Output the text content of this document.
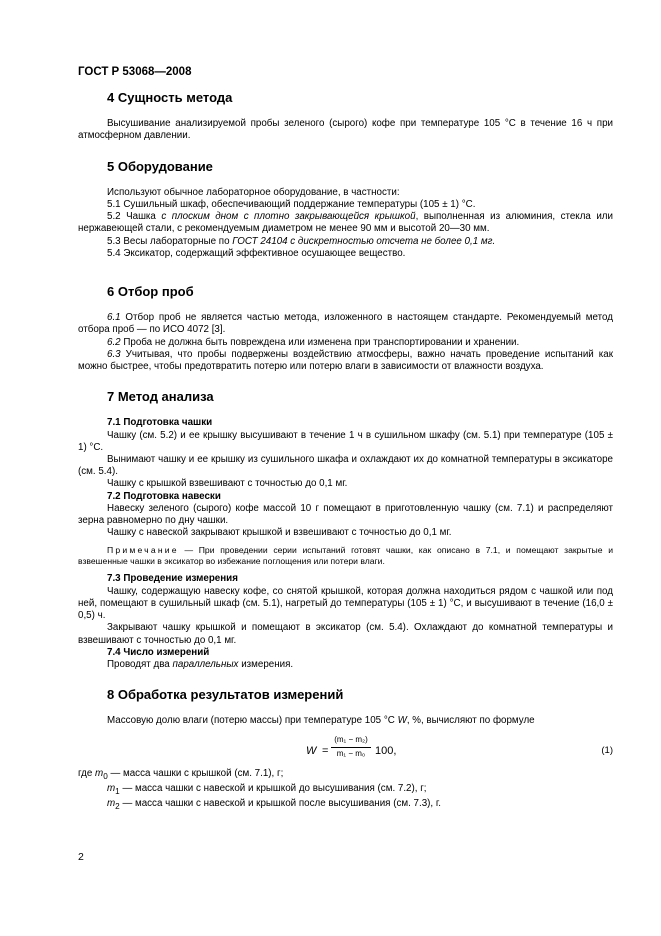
ГОСТ Р 53068—2008
4 Сущность метода

Высушивание анализируемой пробы зеленого (сырого) кофе при температуре 105 °C в течение 16 ч при атмосферном давлении.

5 Оборудование

Используют обычное лабораторное оборудование, в частности:

5.1 Сушильный шкаф, обеспечивающий поддержание температуры (105 ± 1) °C.

5.2 Чашка с плоским дном с плотно закрывающейся крышкой, выполненная из алюминия, стекла или нержавеющей стали, с рекомендуемым диаметром не менее 90 мм и высотой 20—30 мм.

5.3 Весы лабораторные по ГОСТ 24104 с дискретностью отсчета не более 0,1 мг.

5.4 Эксикатор, содержащий эффективное осушающее вещество.

6 Отбор проб

6.1 Отбор проб не является частью метода, изложенного в настоящем стандарте. Рекомендуемый метод отбора проб — по ИСО 4072 [3].

6.2 Проба не должна быть повреждена или изменена при транспортировании и хранении.

6.3 Учитывая, что пробы подвержены воздействию атмосферы, важно начать проведение испытаний как можно быстрее, чтобы предотвратить потерю или потерю влаги в зависимости от влажности воздуха.

7 Метод анализа
7.1 Подготовка чашки

Чашку (см. 5.2) и ее крышку высушивают в течение 1 ч в сушильном шкафу (см. 5.1) при температуре (105 ± 1) °C.

Вынимают чашку и ее крышку из сушильного шкафа и охлаждают их до комнатной температуры в эксикаторе (см. 5.4).

Чашку с крышкой взвешивают с точностью до 0,1 мг.

7.2 Подготовка навески

Навеску зеленого (сырого) кофе массой 10 г помещают в приготовленную чашку (см. 7.1) и распределяют зерна равномерно по дну чашки.

Чашку с навеской закрывают крышкой и взвешивают с точностью до 0,1 мг.

Примечание — При проведении серии испытаний готовят чашки, как описано в 7.1, и помещают закрытые и взвешенные чашки в эксикатор во избежание поглощения или потери влаги.

7.3 Проведение измерения

Чашку, содержащую навеску кофе, со снятой крышкой, которая должна находиться рядом с чашкой или под ней, помещают в сушильный шкаф (см. 5.1), нагретый до температуры (105 ± 1) °C, и высушивают в течение (16,0 ± 0,5) ч.

Закрывают чашку крышкой и помещают в эксикатор (см. 5.4). Охлаждают до комнатной температуры и взвешивают с точностью до 0,1 мг.

7.4 Число измерений

Проводят два параллельных измерения.

8 Обработка результатов измерений

Массовую долю влаги (потерю массы) при температуре 105 °C W, %, вычисляют по формуле

$W = \frac{\text{(m₁ − m₂)}}{\text{m₁ − m₀}} 100$,	(1)
где $m_0$ — масса чашки с крышкой (см. 7.1), г;
$m_1$ — масса чашки с навеской и крышкой до высушивания (см. 7.2), г;
$m_2$ — масса чашки с навеской и крышкой после высушивания (см. 7.3), г.
2
